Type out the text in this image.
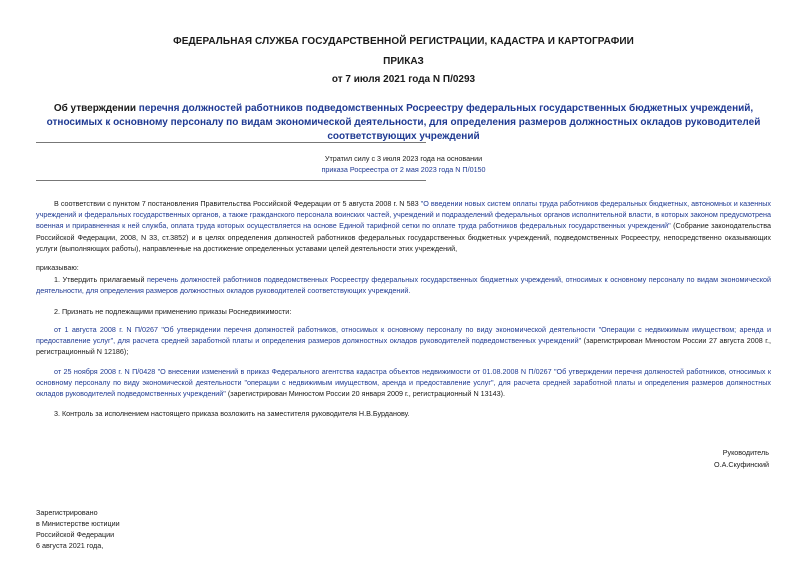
ФЕДЕРАЛЬНАЯ СЛУЖБА ГОСУДАРСТВЕННОЙ РЕГИСТРАЦИИ, КАДАСТРА И КАРТОГРАФИИ
ПРИКАЗ
от 7 июля 2021 года N П/0293
Об утверждении перечня должностей работников подведомственных Росреестру федеральных государственных бюджетных учреждений, относимых к основному персоналу по видам экономической деятельности, для определения размеров должностных окладов руководителей соответствующих учреждений
Утратил силу с 3 июля 2023 года на основании
приказа Росреестра от 2 мая 2023 года N П/0150
В соответствии с пунктом 7 постановления Правительства Российской Федерации от 5 августа 2008 г. N 583 "О введении новых систем оплаты труда работников федеральных бюджетных, автономных и казенных учреждений и федеральных государственных органов, а также гражданского персонала воинских частей, учреждений и подразделений федеральных органов исполнительной власти, в которых законом предусмотрена военная и приравненная к ней служба, оплата труда которых осуществляется на основе Единой тарифной сетки по оплате труда работников федеральных государственных учреждений" (Собрание законодательства Российской Федерации, 2008, N 33, ст.3852) и в целях определения должностей работников федеральных государственных бюджетных учреждений, подведомственных Росреестру, непосредственно оказывающих услуги (выполняющих работы), направленные на достижение определенных уставами целей деятельности этих учреждений,
приказываю:
1. Утвердить прилагаемый перечень должностей работников подведомственных Росреестру федеральных государственных бюджетных учреждений, относимых к основному персоналу по видам экономической деятельности, для определения размеров должностных окладов руководителей соответствующих учреждений.
2. Признать не подлежащими применению приказы Роснедвижимости:
от 1 августа 2008 г. N П/0267 "Об утверждении перечня должностей работников, относимых к основному персоналу по виду экономической деятельности "Операции с недвижимым имуществом; аренда и предоставление услуг", для расчета средней заработной платы и определения размеров должностных окладов руководителей подведомственных учреждений" (зарегистрирован Минюстом России 27 августа 2008 г., регистрационный N 12186);
от 25 ноября 2008 г. N П/0428 "О внесении изменений в приказ Федерального агентства кадастра объектов недвижимости от 01.08.2008 N П/0267 "Об утверждении перечня должностей работников, относимых к основному персоналу по виду экономической деятельности "операции с недвижимым имуществом, аренда и предоставление услуг", для расчета средней заработной платы и определения размеров должностных окладов руководителей подведомственных учреждений" (зарегистрирован Минюстом России 20 января 2009 г., регистрационный N 13143).
3. Контроль за исполнением настоящего приказа возложить на заместителя руководителя Н.В.Бурданову.
Руководитель
О.А.Скуфинский
Зарегистрировано
в Министерстве юстиции
Российской Федерации
6 августа 2021 года,
